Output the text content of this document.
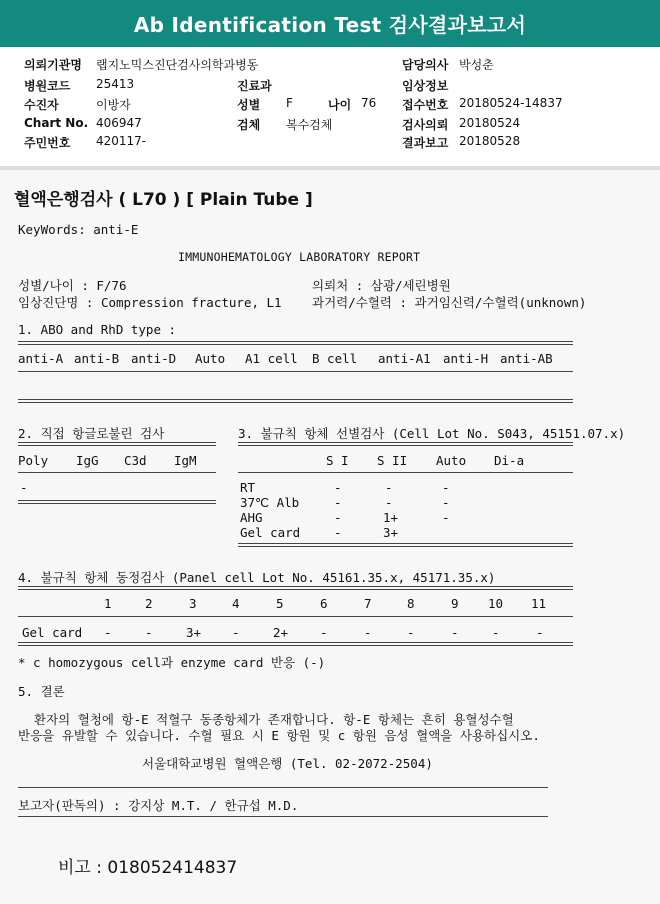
Ab Identification Test 검사결과보고서
의뢰기관명 랩지노믹스진단검사의학과병동	담당의사 박성춘
병원코드 25413	진료과	임상정보
수진자	이방자	성별 F	나이 76 접수번호 20180524-14837
Chart No. 406947	검체 복수검체	검사의뢰 20180524
주민번호 420117-	결과보고 20180528
혈액은행검사 ( L70 ) [ Plain Tube ]
KeyWords: anti-E
IMMUNOHEMATOLOGY LABORATORY REPORT
성별/나이 : F/76	의뢰처 : 삼광/세린병원
임상진단명 : Compression fracture, L1 과거력/수혈력 : 과거임신력/수혈력(unknown)
1. ABO and RhD type :
anti-A anti-B anti-D Auto A1 cell B cell anti-A1 anti-H anti-AB
2. 직접 항글로불린 검사
Poly IgG C3d IgM
-
3. 불규칙 항체 선별검사 (Cell Lot No. S043, 45151.07.x)
S I S II Auto Di-a
RT	-	-	-
37℃ Alb	-	-	-
AHG	-	1+	-
Gel card	-	3+
4. 불규칙 항체 동정검사 (Panel cell Lot No. 45161.35.x, 45171.35.x)
1	2	3	4	5	6	7	8	9 10 11
Gel card -	-	3+ -	2+	-	-	-	-	-	-
* c homozygous cell과 enzyme card 반응 (-)
5. 결론
환자의 혈청에 항-E 적혈구 동종항체가 존재합니다. 항-E 항체는 흔히 용혈성수혈
반응을 유발할 수 있습니다. 수혈 필요 시 E 항원 및 c 항원 음성 혈액을 사용하십시오.
서울대학교병원 혈액은행 (Tel. 02-2072-2504)
보고자(판독의) : 강지상 M.T. / 한규섭 M.D.
비고 : 018052414837
